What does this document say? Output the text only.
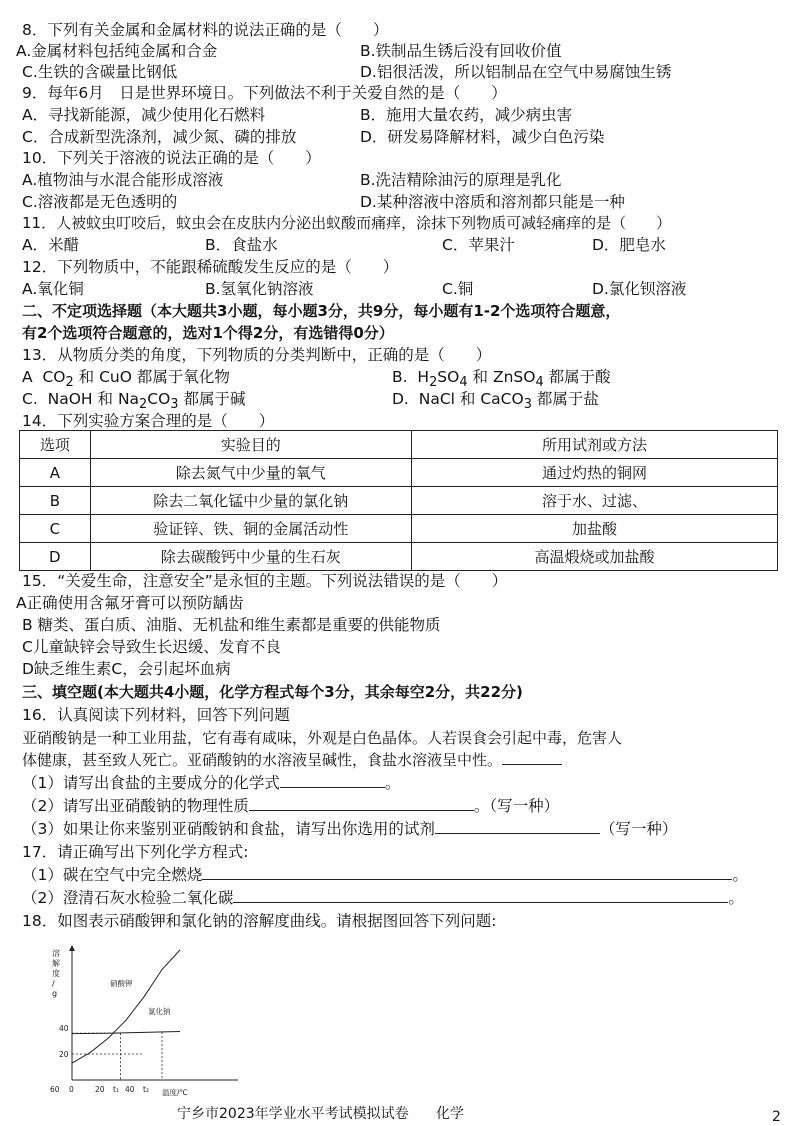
8．下列有关金属和金属材料的说法正确的是（　　）
A.金属材料包括纯金属和合金	B.铁制品生锈后没有回收价值
C.生铁的含碳量比钢低	D.铝很活泼，所以铝制品在空气中易腐蚀生锈
9．每年6月　日是世界环境日。下列做法不利于关爱自然的是（　　）
A．寻找新能源，减少使用化石燃料	B．施用大量农药，减少病虫害
C．合成新型洗涤剂，减少氮、磷的排放	D．研发易降解材料，减少白色污染
10．下列关于溶液的说法正确的是（　　）
A.植物油与水混合能形成溶液	B.洗洁精除油污的原理是乳化
C.溶液都是无色透明的	D.某种溶液中溶质和溶剂都只能是一种
11．人被蚊虫叮咬后，蚊虫会在皮肤内分泌出蚁酸而痛痒，涂抹下列物质可减轻痛痒的是（　　）
A．米醋	B．食盐水	C．苹果汁	D．肥皂水
12．下列物质中，不能跟稀硫酸发生反应的是（　　）
A.氧化铜	B.氢氧化钠溶液	C.铜	D.氯化钡溶液
二、不定项选择题（本大题共3小题，每小题3分，共9分，每小题有1-2个选项符合题意，
有2个选项符合题意的，选对1个得2分，有选错得0分）
13．从物质分类的角度，下列物质的分类判断中，正确的是（　　）
A $CO_2$ 和 CuO 都属于氧化物	B. $H_2SO_4$ 和 ZnSO$_4$ 都属于酸
C. NaOH 和 $Na_2CO_3$ 都属于碱	D. NaCl 和 CaCO$_3$ 都属于盐
14．下列实验方案合理的是（　　）
选项	实验目的	所用试剂或方法
A	除去氮气中少量的氧气	通过灼热的铜网
B	除去二氧化锰中少量的氯化钠	溶于水、过滤、
C	验证锌、铁、铜的金属活动性	加盐酸
D	除去碳酸钙中少量的生石灰	高温煅烧或加盐酸
15．“关爱生命，注意安全”是永恒的主题。下列说法错误的是（　　）
A正确使用含氟牙膏可以预防龋齿
B 糖类、蛋白质、油脂、无机盐和维生素都是重要的供能物质
C儿童缺锌会导致生长迟缓、发育不良
D缺乏维生素C，会引起坏血病
三、填空题(本大题共4小题，化学方程式每个3分，其余每空2分，共22分)
16．认真阅读下列材料，回答下列问题
亚硝酸钠是一种工业用盐，它有毒有咸味，外观是白色晶体。人若误食会引起中毒，危害人
体健康，甚至致人死亡。亚硝酸钠的水溶液呈碱性，食盐水溶液呈中性。
（1）请写出食盐的主要成分的化学式	。
（2）请写出亚硝酸钠的物理性质	。（写一种）
（3）如果让你来鉴别亚硝酸钠和食盐，请写出你选用的试剂	（写一种）
17．请正确写出下列化学方程式:
（1）碳在空气中完全燃烧	。
（2）澄清石灰水检验二氧化碳	。
18．如图表示硝酸钾和氯化钠的溶解度曲线。请根据图回答下列问题:
溶
解
度
/
g
温度/℃
20
40
0	20 t₁ 40 t₂
60
硝酸钾
氯化钠
宁乡市2023年学业水平考试模拟试卷 化学	2
